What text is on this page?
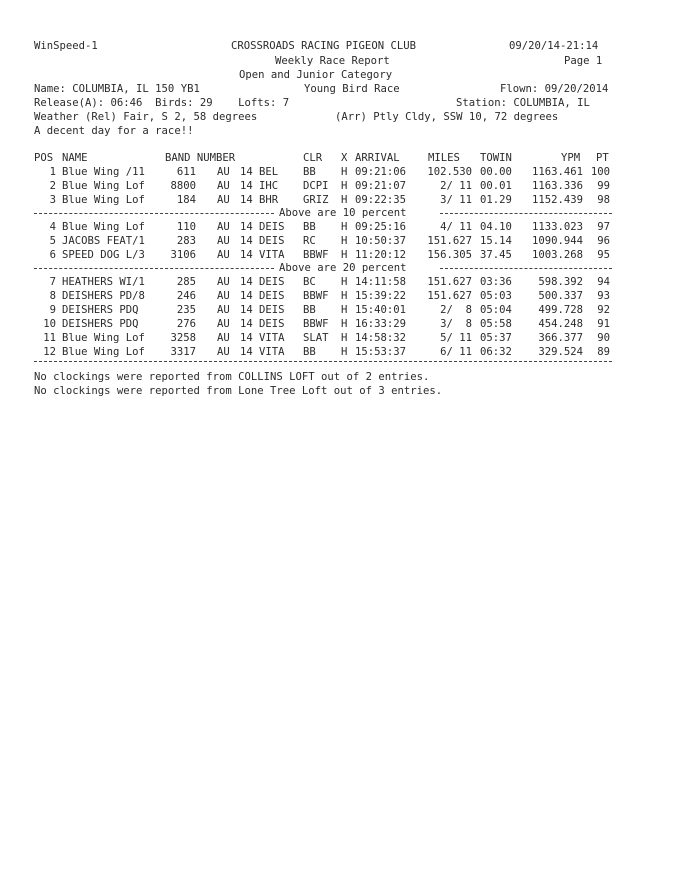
WinSpeed-1	CROSSROADS RACING PIGEON CLUB	09/20/14-21:14
Weekly Race Report	Page 1
Open and Junior Category
Name: COLUMBIA, IL 150 YB1	Young Bird Race	Flown: 09/20/2014
Release(A): 06:46  Birds: 29    Lofts: 7	Station: COLUMBIA, IL
Weather (Rel) Fair, S 2, 58 degrees	(Arr) Ptly Cldy, SSW 10, 72 degrees
A decent day for a race!!
POS NAME	BAND NUMBER	CLR X ARRIVAL	MILES TOWIN	YPM PT
Above are 10 percent
Above are 20 percent
No clockings were reported from COLLINS LOFT out of 2 entries.
No clockings were reported from Lone Tree Loft out of 3 entries.
1 Blue Wing /11	611 AU 14 BEL BB H 09:21:06 102.530 00.00 1163.461 100
2 Blue Wing Lof 8800 AU 14 IHC DCPI H 09:21:07	2/ 11 00.01 1163.336 99
3 Blue Wing Lof	184 AU 14 BHR GRIZ H 09:22:35	3/ 11 01.29 1152.439 98
4 Blue Wing Lof	110 AU 14 DEIS BB H 09:25:16	4/ 11 04.10 1133.023 97
5 JACOBS FEAT/1	283 AU 14 DEIS RC H 10:50:37 151.627 15.14 1090.944 96
6 SPEED DOG L/3 3106 AU 14 VITA BBWF H 11:20:12 156.305 37.45 1003.268 95
7 HEATHERS WI/1	285 AU 14 DEIS BC H 14:11:58 151.627 03:36 598.392 94
8 DEISHERS PD/8	246 AU 14 DEIS BBWF H 15:39:22 151.627 05:03 500.337 93
9 DEISHERS PDQ	235 AU 14 DEIS BB H 15:40:01	2/  8 05:04 499.728 92
10 DEISHERS PDQ	276 AU 14 DEIS BBWF H 16:33:29	3/  8 05:58 454.248 91
11 Blue Wing Lof 3258 AU 14 VITA SLAT H 14:58:32	5/ 11 05:37 366.377 90
12 Blue Wing Lof 3317 AU 14 VITA BB H 15:53:37	6/ 11 06:32 329.524 89
